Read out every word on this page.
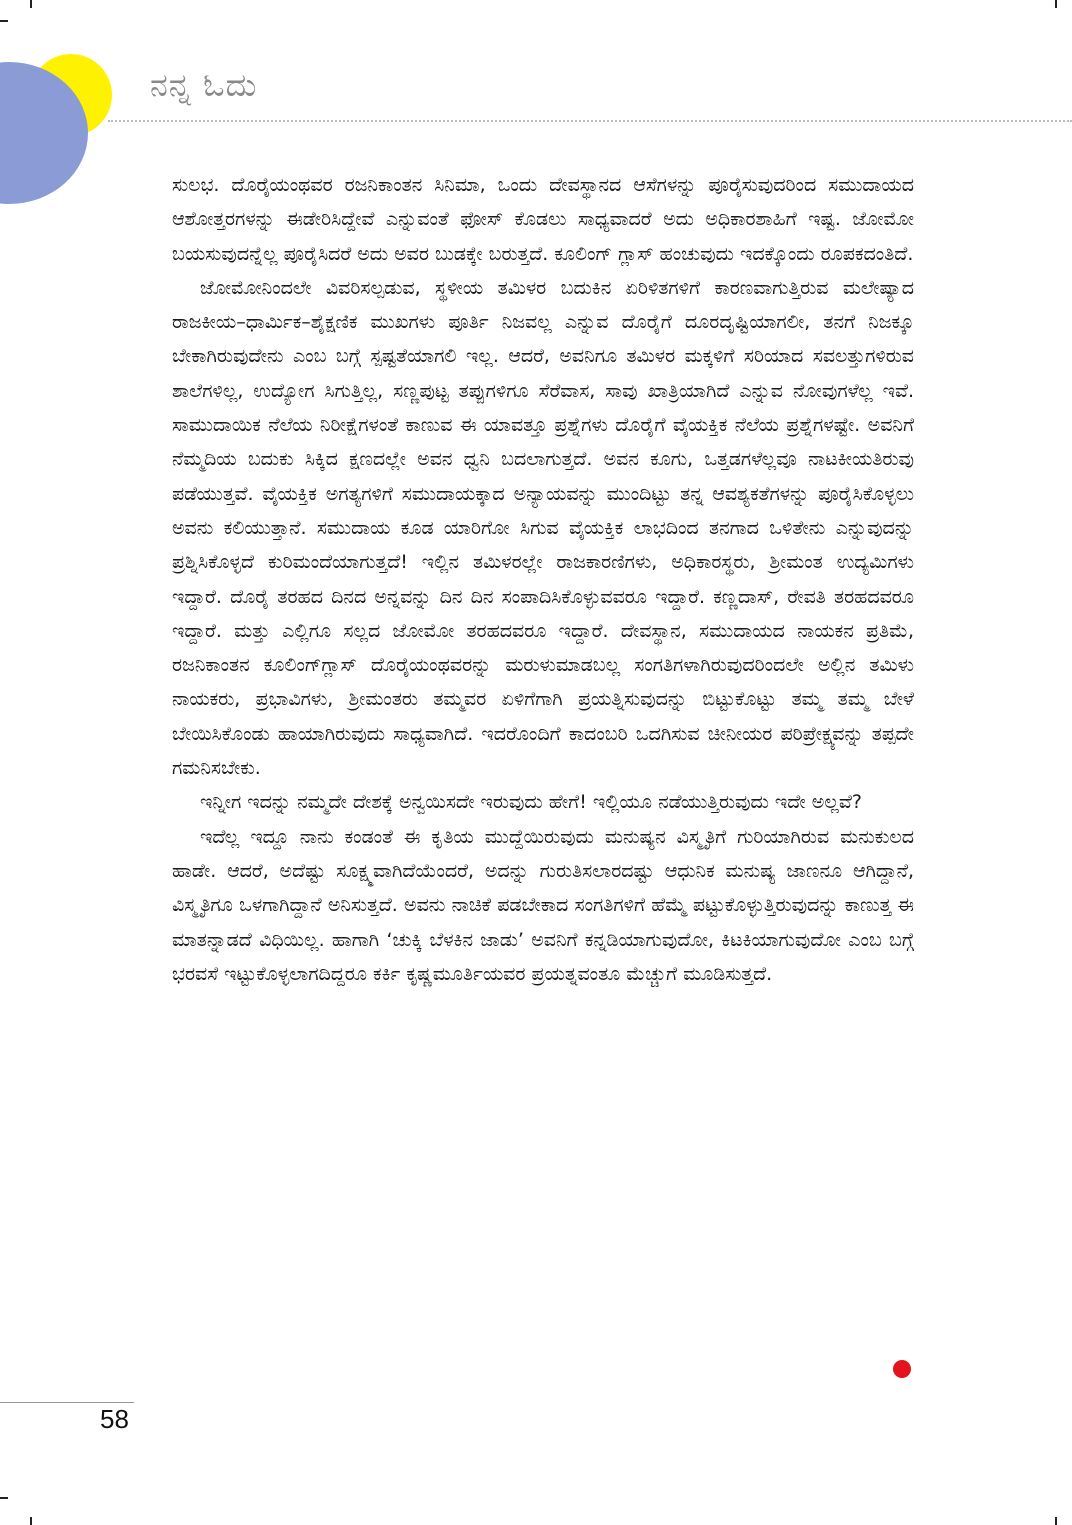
ನನ್ನ ಓದು

ಸುಲಭ. ದೊರೈಯಂಥವರ ರಜನಿಕಾಂತನ ಸಿನಿಮಾ, ಒಂದು ದೇವಸ್ಥಾನದ ಆಸೆಗಳನ್ನು ಪೂರೈಸುವುದರಿಂದ ಸಮುದಾಯದ ಆಶೋತ್ತರಗಳನ್ನು ಈಡೇರಿಸಿದ್ದೇವೆ ಎನ್ನುವಂತೆ ಫೋಸ್ ಕೊಡಲು ಸಾಧ್ಯವಾದರೆ ಅದು ಅಧಿಕಾರಶಾಹಿಗೆ ಇಷ್ಟ. ಜೋಮೋ ಬಯಸುವುದನ್ನೆಲ್ಲ ಪೂರೈಸಿದರೆ ಅದು ಅವರ ಬುಡಕ್ಕೇ ಬರುತ್ತದೆ. ಕೂಲಿಂಗ್ ಗ್ಲಾಸ್ ಹಂಚುವುದು ಇದಕ್ಕೊಂದು ರೂಪಕದಂತಿದೆ.

ಜೋಮೋನಿಂದಲೇ ವಿವರಿಸಲ್ಪಡುವ, ಸ್ಥಳೀಯ ತಮಿಳರ ಬದುಕಿನ ಏರಿಳಿತಗಳಿಗೆ ಕಾರಣವಾಗುತ್ತಿರುವ ಮಲೇಷ್ಯಾದ ರಾಜಕೀಯ–ಧಾರ್ಮಿಕ–ಶೈಕ್ಷಣಿಕ ಮುಖಗಳು ಪೂರ್ತಿ ನಿಜವಲ್ಲ ಎನ್ನುವ ದೊರೈಗೆ ದೂರದೃಷ್ಟಿಯಾಗಲೀ, ತನಗೆ ನಿಜಕ್ಕೂ ಬೇಕಾಗಿರುವುದೇನು ಎಂಬ ಬಗ್ಗೆ ಸ್ಪಷ್ಟತೆಯಾಗಲಿ ಇಲ್ಲ. ಆದರೆ, ಅವನಿಗೂ ತಮಿಳರ ಮಕ್ಕಳಿಗೆ ಸರಿಯಾದ ಸವಲತ್ತುಗಳಿರುವ ಶಾಲೆಗಳಿಲ್ಲ, ಉದ್ಯೋಗ ಸಿಗುತ್ತಿಲ್ಲ, ಸಣ್ಣಪುಟ್ಟ ತಪ್ಪುಗಳಿಗೂ ಸೆರೆವಾಸ, ಸಾವು ಖಾತ್ರಿಯಾಗಿದೆ ಎನ್ನುವ ನೋವುಗಳೆಲ್ಲ ಇವೆ. ಸಾಮುದಾಯಿಕ ನೆಲೆಯ ನಿರೀಕ್ಷೆಗಳಂತೆ ಕಾಣುವ ಈ ಯಾವತ್ತೂ ಪ್ರಶ್ನೆಗಳು ದೊರೈಗೆ ವೈಯಕ್ತಿಕ ನೆಲೆಯ ಪ್ರಶ್ನೆಗಳಷ್ಟೇ. ಅವನಿಗೆ ನೆಮ್ಮದಿಯ ಬದುಕು ಸಿಕ್ಕಿದ ಕ್ಷಣದಲ್ಲೇ ಅವನ ಧ್ವನಿ ಬದಲಾಗುತ್ತದೆ. ಅವನ ಕೂಗು, ಒತ್ತಡಗಳೆಲ್ಲವೂ ನಾಟಕೀಯತಿರುವು ಪಡೆಯುತ್ತವೆ. ವೈಯಕ್ತಿಕ ಅಗತ್ಯಗಳಿಗೆ ಸಮುದಾಯಕ್ಕಾದ ಅನ್ಯಾಯವನ್ನು ಮುಂದಿಟ್ಟು ತನ್ನ ಆವಶ್ಯಕತೆಗಳನ್ನು ಪೂರೈಸಿಕೊಳ್ಳಲು ಅವನು ಕಲಿಯುತ್ತಾನೆ. ಸಮುದಾಯ ಕೂಡ ಯಾರಿಗೋ ಸಿಗುವ ವೈಯಕ್ತಿಕ ಲಾಭದಿಂದ ತನಗಾದ ಒಳಿತೇನು ಎನ್ನುವುದನ್ನು ಪ್ರಶ್ನಿಸಿಕೊಳ್ಳದೆ ಕುರಿಮಂದೆಯಾಗುತ್ತದೆ! ಇಲ್ಲಿನ ತಮಿಳರಲ್ಲೇ ರಾಜಕಾರಣಿಗಳು, ಅಧಿಕಾರಸ್ಥರು, ಶ್ರೀಮಂತ ಉದ್ಯಮಿಗಳು ಇದ್ದಾರೆ. ದೊರೈ ತರಹದ ದಿನದ ಅನ್ನವನ್ನು ದಿನ ದಿನ ಸಂಪಾದಿಸಿಕೊಳ್ಳುವವರೂ ಇದ್ದಾರೆ. ಕಣ್ಣದಾಸ್, ರೇವತಿ ತರಹದವರೂ ಇದ್ದಾರೆ. ಮತ್ತು ಎಲ್ಲಿಗೂ ಸಲ್ಲದ ಜೋಮೋ ತರಹದವರೂ ಇದ್ದಾರೆ. ದೇವಸ್ಥಾನ, ಸಮುದಾಯದ ನಾಯಕನ ಪ್ರತಿಮೆ, ರಜನಿಕಾಂತನ ಕೂಲಿಂಗ್‌ಗ್ಲಾಸ್ ದೊರೈಯಂಥವರನ್ನು ಮರುಳುಮಾಡಬಲ್ಲ ಸಂಗತಿಗಳಾಗಿರುವುದರಿಂದಲೇ ಅಲ್ಲಿನ ತಮಿಳು ನಾಯಕರು, ಪ್ರಭಾವಿಗಳು, ಶ್ರೀಮಂತರು ತಮ್ಮವರ ಏಳಿಗೆಗಾಗಿ ಪ್ರಯತ್ನಿಸುವುದನ್ನು ಬಿಟ್ಟುಕೊಟ್ಟು ತಮ್ಮ ತಮ್ಮ ಬೇಳೆ ಬೇಯಿಸಿಕೊಂಡು ಹಾಯಾಗಿರುವುದು ಸಾಧ್ಯವಾಗಿದೆ. ಇದರೊಂದಿಗೆ ಕಾದಂಬರಿ ಒದಗಿಸುವ ಚೀನೀಯರ ಪರಿಪ್ರೇಕ್ಷ್ಯವನ್ನು ತಪ್ಪದೇ ಗಮನಿಸಬೇಕು.

ಇನ್ನೀಗ ಇದನ್ನು ನಮ್ಮದೇ ದೇಶಕ್ಕೆ ಅನ್ವಯಿಸದೇ ಇರುವುದು ಹೇಗೆ! ಇಲ್ಲಿಯೂ ನಡೆಯುತ್ತಿರುವುದು ಇದೇ ಅಲ್ಲವೆ?

ಇದೆಲ್ಲ ಇದ್ದೂ ನಾನು ಕಂಡಂತೆ ಈ ಕೃತಿಯ ಮುದ್ದೆಯಿರುವುದು ಮನುಷ್ಯನ ವಿಸ್ಮೃತಿಗೆ ಗುರಿಯಾಗಿರುವ ಮನುಕುಲದ ಹಾಡೇ. ಆದರೆ, ಅದೆಷ್ಟು ಸೂಕ್ಷ್ಮವಾಗಿದೆಯೆಂದರೆ, ಅದನ್ನು ಗುರುತಿಸಲಾರದಷ್ಟು ಆಧುನಿಕ ಮನುಷ್ಯ ಜಾಣನೂ ಆಗಿದ್ದಾನೆ, ವಿಸ್ಮೃತಿಗೂ ಒಳಗಾಗಿದ್ದಾನೆ ಅನಿಸುತ್ತದೆ. ಅವನು ನಾಚಿಕೆ ಪಡಬೇಕಾದ ಸಂಗತಿಗಳಿಗೆ ಹೆಮ್ಮೆ ಪಟ್ಟುಕೊಳ್ಳುತ್ತಿರುವುದನ್ನು ಕಾಣುತ್ತ ಈ ಮಾತನ್ನಾಡದೆ ವಿಧಿಯಿಲ್ಲ. ಹಾಗಾಗಿ ‘ಚುಕ್ಕಿ ಬೆಳಕಿನ ಜಾಡು’ ಅವನಿಗೆ ಕನ್ನಡಿಯಾಗುವುದೋ, ಕಿಟಕಿಯಾಗುವುದೋ ಎಂಬ ಬಗ್ಗೆ ಭರವಸೆ ಇಟ್ಟುಕೊಳ್ಳಲಾಗದಿದ್ದರೂ ಕರ್ಕಿ ಕೃಷ್ಣಮೂರ್ತಿಯವರ ಪ್ರಯತ್ನವಂತೂ ಮೆಚ್ಚುಗೆ ಮೂಡಿಸುತ್ತದೆ.

58
